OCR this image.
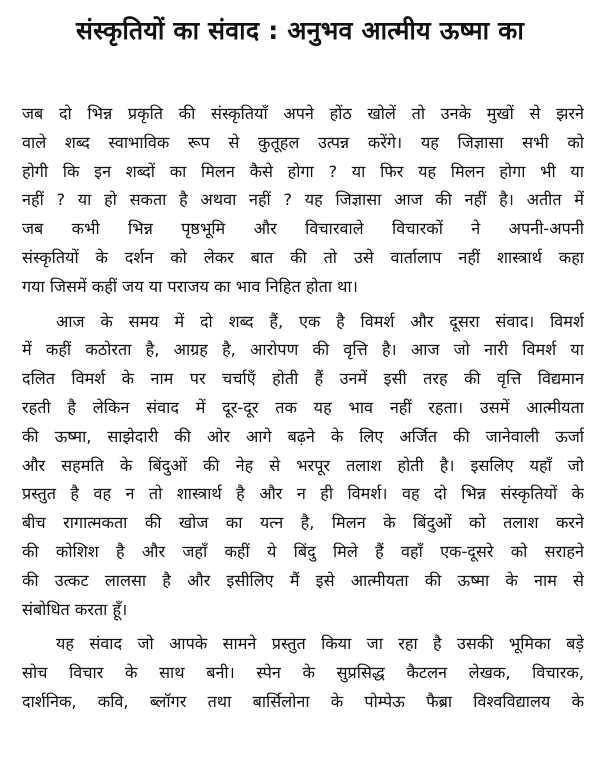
संस्कृतियों का संवाद : अनुभव आत्मीय ऊष्मा का
जब दो भिन्न प्रकृति की संस्कृतियाँ अपने होंठ खोलें तो उनके मुखों से झरने
वाले शब्द स्वाभाविक रूप से कुतूहल उत्पन्न करेंगे। यह जिज्ञासा सभी को
होगी कि इन शब्दों का मिलन कैसे होगा ? या फिर यह मिलन होगा भी या
नहीं ? या हो सकता है अथवा नहीं ? यह जिज्ञासा आज की नहीं है। अतीत में
जब कभी भिन्न पृष्ठभूमि और विचारवाले विचारकों ने अपनी-अपनी
संस्कृतियों के दर्शन को लेकर बात की तो उसे वार्तालाप नहीं शास्त्रार्थ कहा
गया जिसमें कहीं जय या पराजय का भाव निहित होता था।
आज के समय में दो शब्द हैं, एक है विमर्श और दूसरा संवाद। विमर्श
में कहीं कठोरता है, आग्रह है, आरोपण की वृत्ति है। आज जो नारी विमर्श या
दलित विमर्श के नाम पर चर्चाएँ होती हैं उनमें इसी तरह की वृत्ति विद्यमान
रहती है लेकिन संवाद में दूर-दूर तक यह भाव नहीं रहता। उसमें आत्मीयता
की ऊष्मा, साझेदारी की ओर आगे बढ़ने के लिए अर्जित की जानेवाली ऊर्जा
और सहमति के बिंदुओं की नेह से भरपूर तलाश होती है। इसलिए यहाँ जो
प्रस्तुत है वह न तो शास्त्रार्थ है और न ही विमर्श। वह दो भिन्न संस्कृतियों के
बीच रागात्मकता की खोज का यत्न है, मिलन के बिंदुओं को तलाश करने
की कोशिश है और जहाँ कहीं ये बिंदु मिले हैं वहाँ एक-दूसरे को सराहने
की उत्कट लालसा है और इसीलिए मैं इसे आत्मीयता की ऊष्मा के नाम से
संबोधित करता हूँ।
यह संवाद जो आपके सामने प्रस्तुत किया जा रहा है उसकी भूमिका बड़े
सोच विचार के साथ बनी। स्पेन के सुप्रसिद्ध कैटलन लेखक, विचारक,
दार्शनिक, कवि, ब्लॉगर तथा बार्सिलोना के पोम्पेऊ फैब्रा विश्वविद्यालय के
